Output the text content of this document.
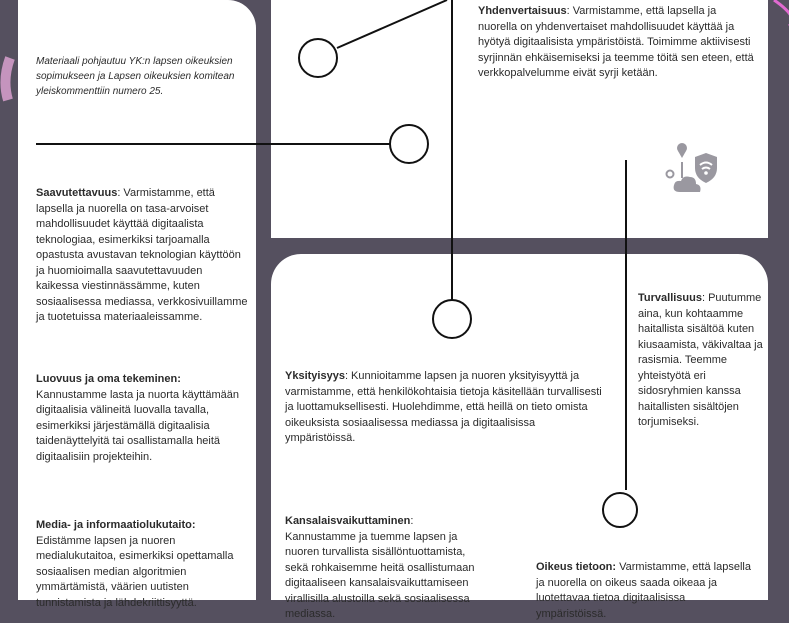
Materiaali pohjautuu YK:n lapsen oikeuksien sopimukseen ja Lapsen oikeuksien komitean yleiskommenttiin numero 25.

Yhdenvertaisuus: Varmistamme, että lapsella ja nuorella on yhdenvertaiset mahdollisuudet käyttää ja hyötyä digitaalisista ympäristöistä. Toimimme aktiivisesti syrjinnän ehkäisemiseksi ja teemme töitä sen eteen, että verkkopalvelumme eivät syrji ketään.

Saavutettavuus: Varmistamme, että lapsella ja nuorella on tasa-arvoiset mahdollisuudet käyttää digitaalista teknologiaa, esimerkiksi tarjoamalla opastusta avustavan teknologian käyttöön ja huomioimalla saavutettavuuden kaikessa viestinnässämme, kuten sosiaalisessa mediassa, verkkosivuillamme ja tuotetuissa materiaaleissamme.

Luovuus ja oma tekeminen:
Kannustamme lasta ja nuorta käyttämään digitaalisia välineitä luovalla tavalla, esimerkiksi järjestämällä digitaalisia taidenäyttelyitä tai osallistamalla heitä digitaalisiin projekteihin.

Media- ja informaatiolukutaito:
Edistämme lapsen ja nuoren medialukutaitoa, esimerkiksi opettamalla sosiaalisen median algoritmien ymmärtämistä, väärien uutisten tunnistamista ja lähdekriittisyyttä.

Yksityisyys: Kunnioitamme lapsen ja nuoren yksityisyyttä ja varmistamme, että henkilökohtaisia tietoja käsitellään turvallisesti ja luottamuksellisesti. Huolehdimme, että heillä on tieto omista oikeuksista sosiaalisessa mediassa ja digitaalisissa ympäristöissä.

Kansalaisvaikuttaminen: Kannustamme ja tuemme lapsen ja nuoren turvallista sisällöntuottamista, sekä rohkaisemme heitä osallistumaan digitaaliseen kansalaisvaikuttamiseen virallisilla alustoilla sekä sosiaalisessa mediassa.

Turvallisuus: Puutumme aina, kun kohtaamme haitallista sisältöä kuten kiusaamista, väkivaltaa ja rasismia. Teemme yhteistyötä eri sidosryhmien kanssa haitallisten sisältöjen torjumiseksi.

Oikeus tietoon: Varmistamme, että lapsella ja nuorella on oikeus saada oikeaa ja luotettavaa tietoa digitaalisissa ympäristöissä.
